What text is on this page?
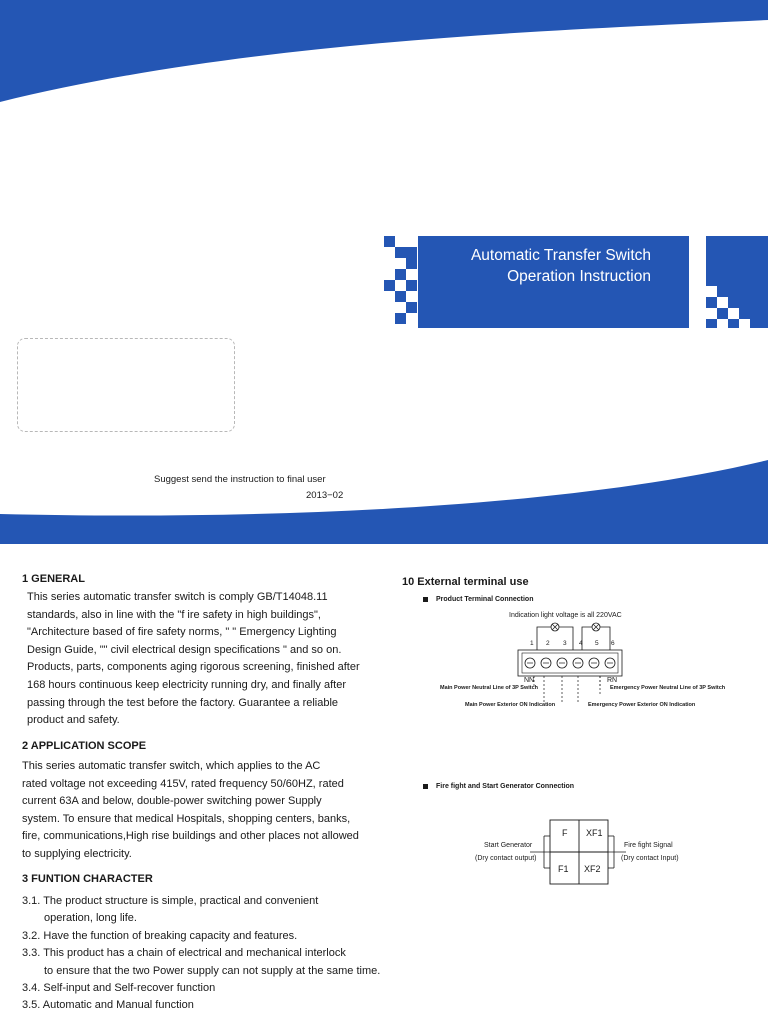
Automatic Transfer Switch
Operation Instruction
Suggest send the instruction to final user
2013−02
1 GENERAL
This series automatic transfer switch is comply GB/T14048.11
standards, also in line with the "f ire safety in high buildings",
"Architecture based of fire safety norms, " " Emergency Lighting
Design Guide, "" civil electrical design specifications " and so on.
Products, parts, components aging rigorous screening, finished after
168 hours continuous keep electricity running dry, and finally after
passing through the test before the factory. Guarantee a reliable
product and safety.
2 APPLICATION SCOPE
This series automatic transfer switch, which applies to the AC
rated voltage not exceeding 415V, rated frequency 50/60HZ, rated
current 63A and below, double-power switching power Supply
system. To ensure that medical Hospitals, shopping centers, banks,
fire, communications,High rise buildings and other places not allowed
to supplying electricity.
3 FUNTION CHARACTER
3.1. The product structure is simple, practical and convenient
operation, long life.
3.2. Have the function of breaking capacity and features.
3.3. This product has a chain of electrical and mechanical interlock
to ensure that the two Power supply can not supply at the same time.
3.4. Self-input and Self-recover function
3.5. Automatic and Manual function
10 External terminal use
Product Terminal Connection
Indication light voltage is all 220VAC
1 2 3 4 5 6
NN	RN
Main Power Neutral Line of 3P Switch	Emergency Power Neutral Line of 3P Switch
Main Power Exterior ON Indication	Emergency Power Exterior ON Indication
Fire fight and Start Generator Connection
F XF1
F1 XF2
Start Generator
(Dry contact output)
Fire fight Signal
(Dry contact Input)
